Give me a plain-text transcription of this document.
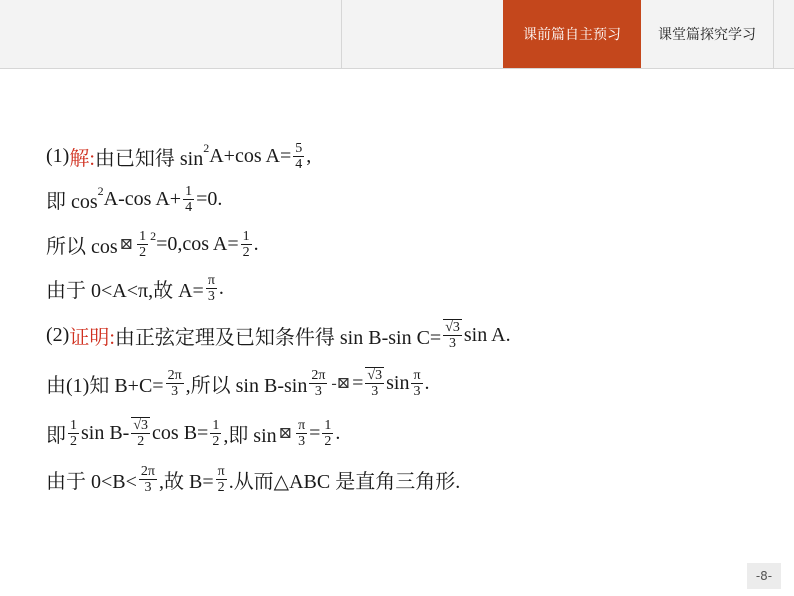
课前篇自主预习	课堂篇探究学习
(1) 解: 由已知得 sin 2 A+cos $A= \frac{5}{4}$ ,
即 cos 2 A-cos $A+ \frac{1}{4} =0$.
所以 cos ⊠ $\frac{1}{2} 2 =0,\cos$ $A= \frac{1}{2}$ .
由于 0<A<π,故 $A= \frac{\pi}{3}$ .
(2) 证明: 由正弦定理及已知条件得 sin B-sin $C= \frac{√3}{3}$ sin A.
由(1)知 $B+C= \frac{2\pi}{3}$ ,所以 $\sin B-\sin \frac{2\pi}{3}$ -⊠ = $\frac{√3}{3}$ $\sin \frac{\pi}{3}$ .
即 $\frac{1}{2}$ $\sin B- \frac{√3}{2}$ $\cos B= \frac{1}{2}$ ,即 sin ⊠ $\frac{\pi}{3} = \frac{1}{2}$ .
由于 $0<B< \frac{2\pi}{3}$ ,故 $B= \frac{\pi}{2}$ .从而△ABC 是直角三角形.
-8-
